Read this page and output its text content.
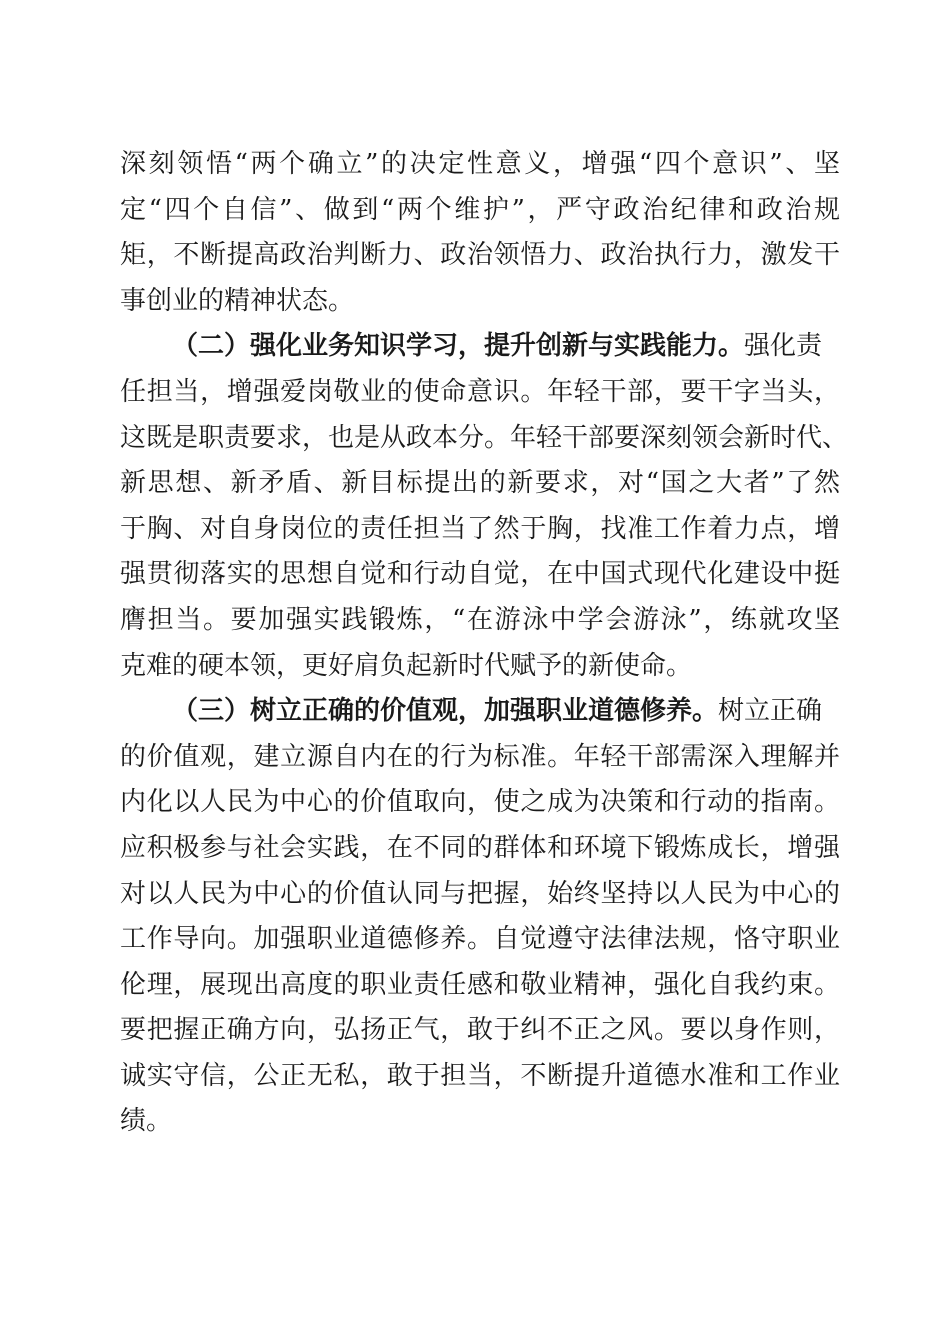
深刻领悟“两个确立”的决定性意义，增强“四个意识”、坚
定“四个自信”、做到“两个维护”，严守政治纪律和政治规
矩，不断提高政治判断力、政治领悟力、政治执行力，激发干
事创业的精神状态。
（二）强化业务知识学习，提升创新与实践能力。强化责
任担当，增强爱岗敬业的使命意识。年轻干部，要干字当头，
这既是职责要求，也是从政本分。年轻干部要深刻领会新时代、
新思想、新矛盾、新目标提出的新要求，对“国之大者”了然
于胸、对自身岗位的责任担当了然于胸，找准工作着力点，增
强贯彻落实的思想自觉和行动自觉，在中国式现代化建设中挺
膺担当。要加强实践锻炼，“在游泳中学会游泳”，练就攻坚
克难的硬本领，更好肩负起新时代赋予的新使命。
（三）树立正确的价值观，加强职业道德修养。树立正确
的价值观，建立源自内在的行为标准。年轻干部需深入理解并
内化以人民为中心的价值取向，使之成为决策和行动的指南。
应积极参与社会实践，在不同的群体和环境下锻炼成长，增强
对以人民为中心的价值认同与把握，始终坚持以人民为中心的
工作导向。加强职业道德修养。自觉遵守法律法规，恪守职业
伦理，展现出高度的职业责任感和敬业精神，强化自我约束。
要把握正确方向，弘扬正气，敢于纠不正之风。要以身作则，
诚实守信，公正无私，敢于担当，不断提升道德水准和工作业
绩。
